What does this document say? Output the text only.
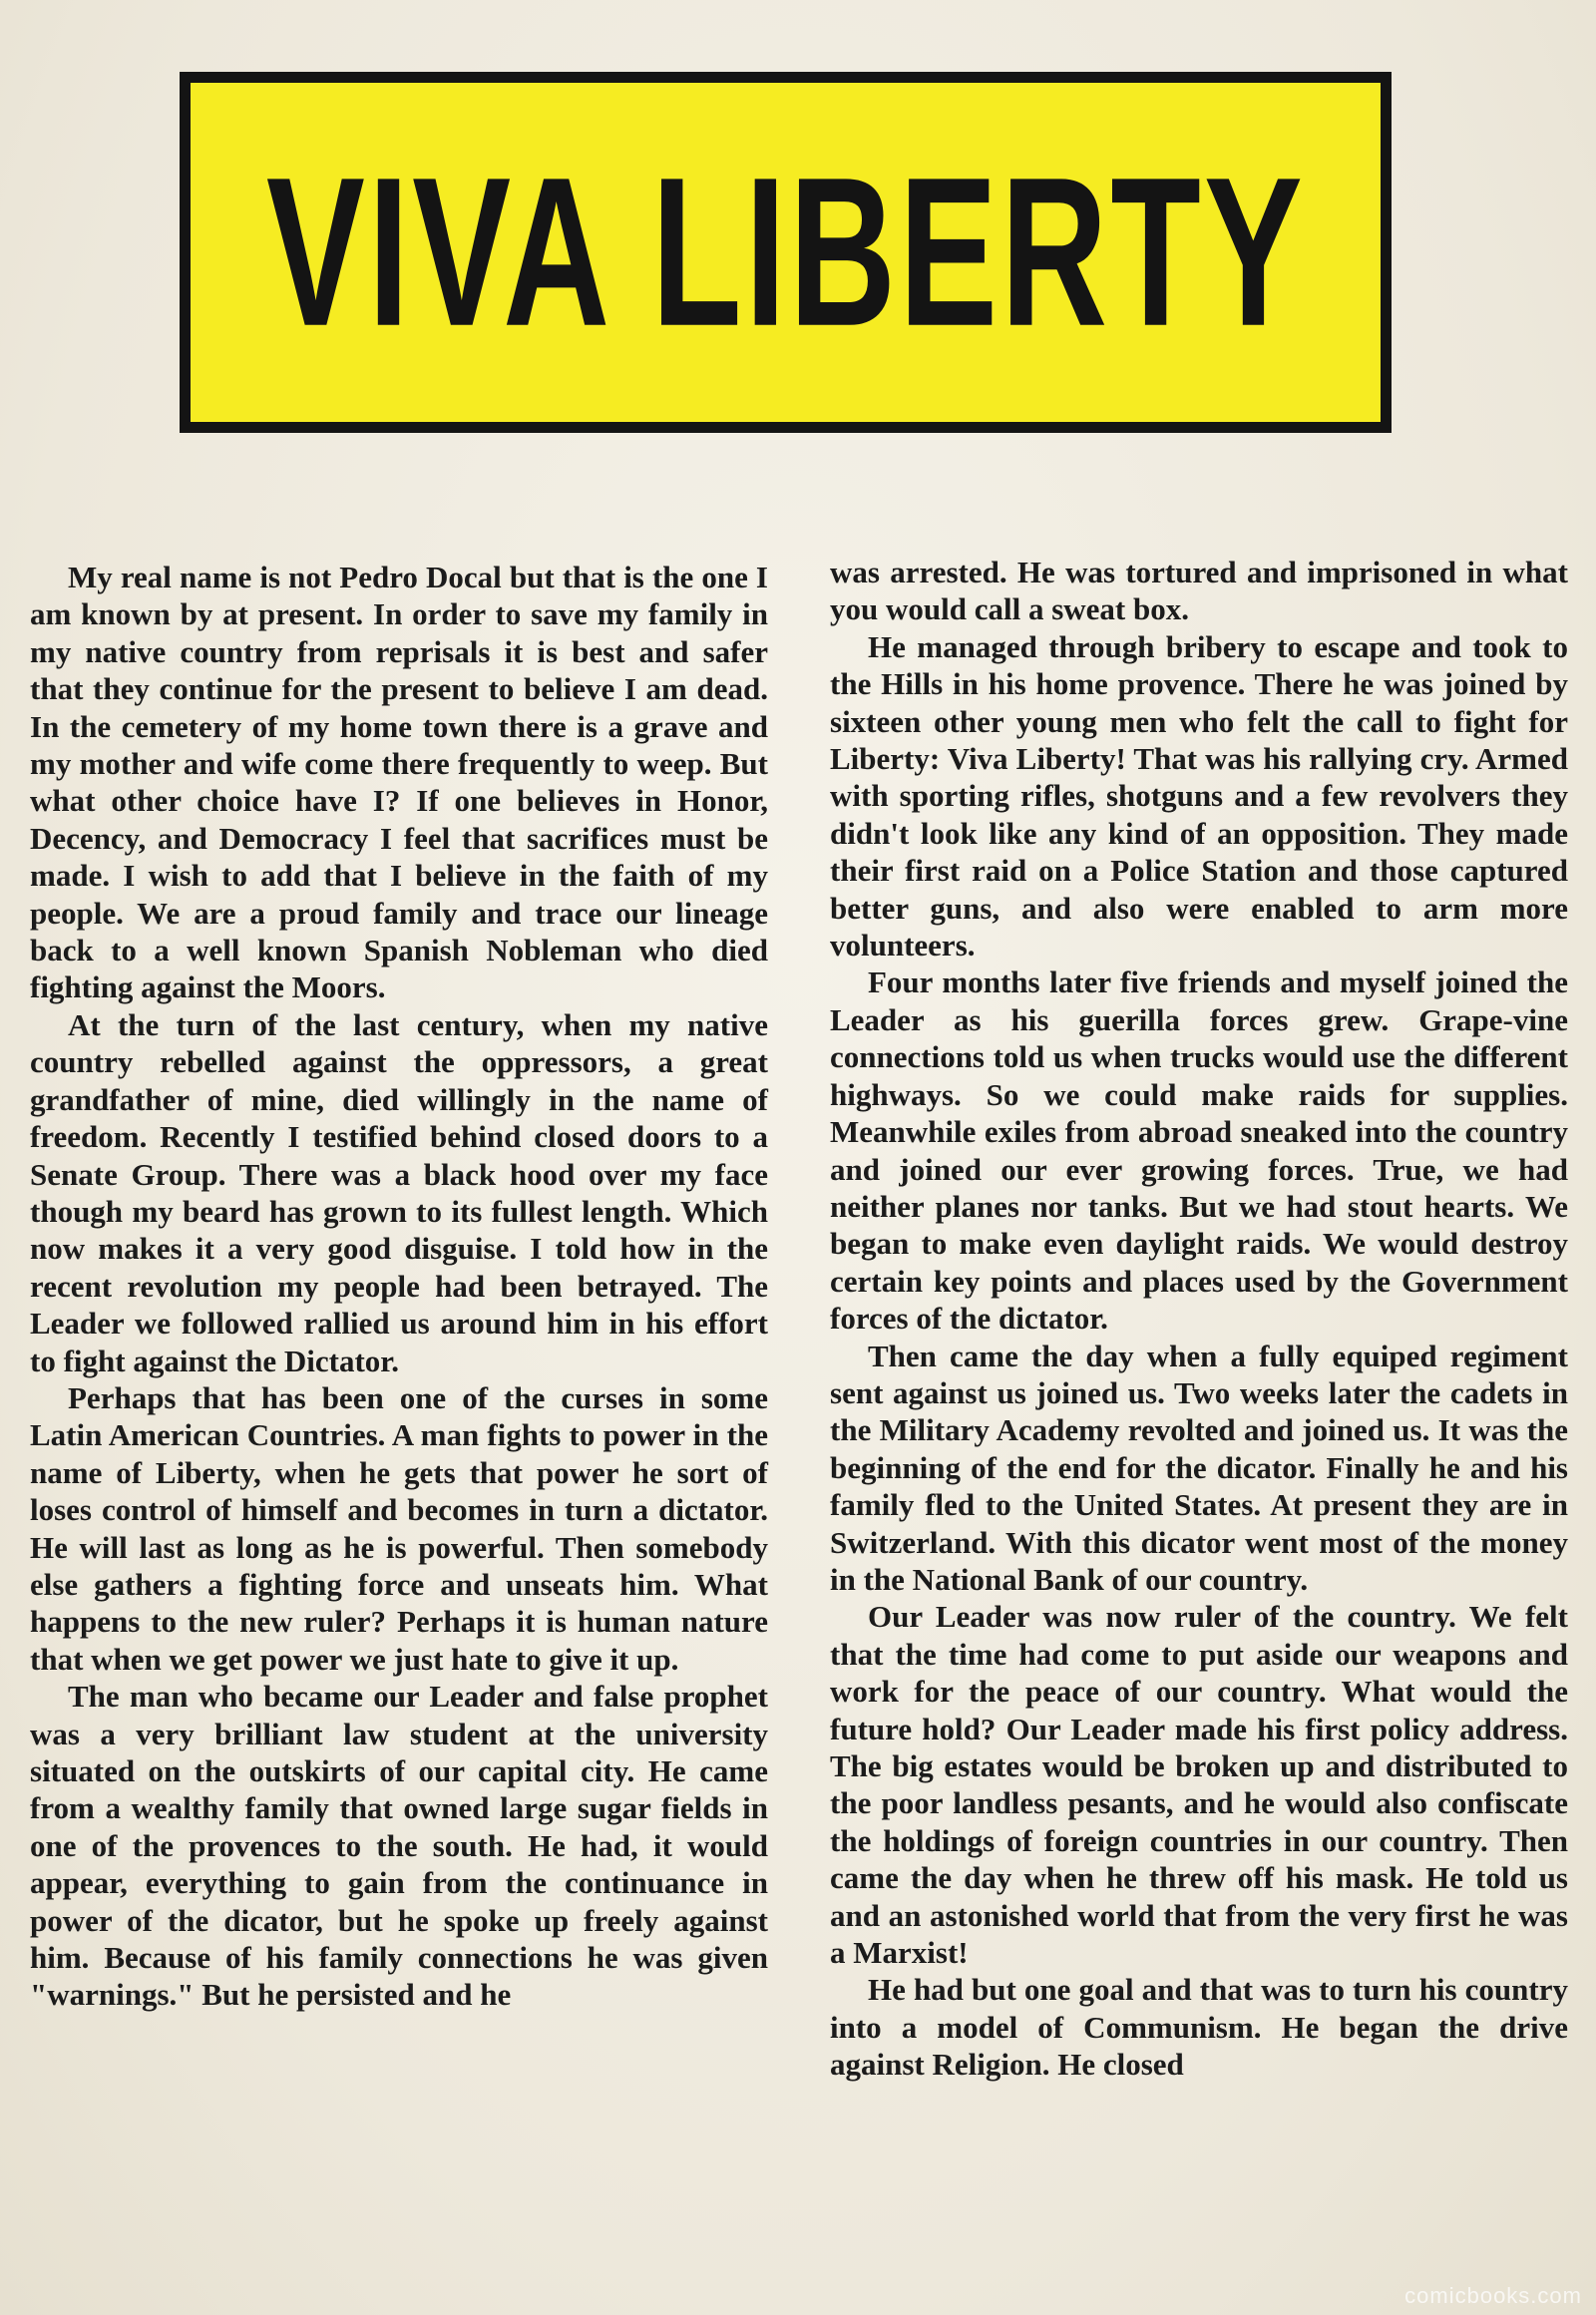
VIVA LIBERTY

My real name is not Pedro Docal but that is the one I am known by at present. In order to save my family in my native country from reprisals it is best and safer that they continue for the present to believe I am dead. In the cemetery of my home town there is a grave and my mother and wife come there frequently to weep. But what other choice have I? If one believes in Honor, Decency, and Democracy I feel that sacrifices must be made. I wish to add that I believe in the faith of my people. We are a proud family and trace our lineage back to a well known Spanish Nobleman who died fighting against the Moors.

At the turn of the last century, when my native country rebelled against the oppressors, a great grandfather of mine, died willingly in the name of freedom. Recently I testified behind closed doors to a Senate Group. There was a black hood over my face though my beard has grown to its fullest length. Which now makes it a very good disguise. I told how in the recent revolution my people had been betrayed. The Leader we followed rallied us around him in his effort to fight against the Dictator.

Perhaps that has been one of the curses in some Latin American Countries. A man fights to power in the name of Liberty, when he gets that power he sort of loses control of himself and becomes in turn a dictator. He will last as long as he is powerful. Then somebody else gathers a fighting force and unseats him. What happens to the new ruler? Perhaps it is human nature that when we get power we just hate to give it up.

The man who became our Leader and false prophet was a very brilliant law student at the university situated on the outskirts of our capital city. He came from a wealthy family that owned large sugar fields in one of the provences to the south. He had, it would appear, everything to gain from the continuance in power of the dicator, but he spoke up freely against him. Because of his family connections he was given "warnings." But he persisted and he

was arrested. He was tortured and imprisoned in what you would call a sweat box.

He managed through bribery to escape and took to the Hills in his home provence. There he was joined by sixteen other young men who felt the call to fight for Liberty: Viva Liberty! That was his rallying cry. Armed with sporting rifles, shotguns and a few revolvers they didn't look like any kind of an opposition. They made their first raid on a Police Station and those captured better guns, and also were enabled to arm more volunteers.

Four months later five friends and myself joined the Leader as his guerilla forces grew. Grape-vine connections told us when trucks would use the different highways. So we could make raids for supplies. Meanwhile exiles from abroad sneaked into the country and joined our ever growing forces. True, we had neither planes nor tanks. But we had stout hearts. We began to make even daylight raids. We would destroy certain key points and places used by the Government forces of the dictator.

Then came the day when a fully equiped regiment sent against us joined us. Two weeks later the cadets in the Military Academy revolted and joined us. It was the beginning of the end for the dicator. Finally he and his family fled to the United States. At present they are in Switzerland. With this dicator went most of the money in the National Bank of our country.

Our Leader was now ruler of the country. We felt that the time had come to put aside our weapons and work for the peace of our country. What would the future hold? Our Leader made his first policy address. The big estates would be broken up and distributed to the poor landless pesants, and he would also confiscate the holdings of foreign countries in our country. Then came the day when he threw off his mask. He told us and an astonished world that from the very first he was a Marxist!

He had but one goal and that was to turn his country into a model of Communism. He began the drive against Religion. He closed

comicbooks.com
